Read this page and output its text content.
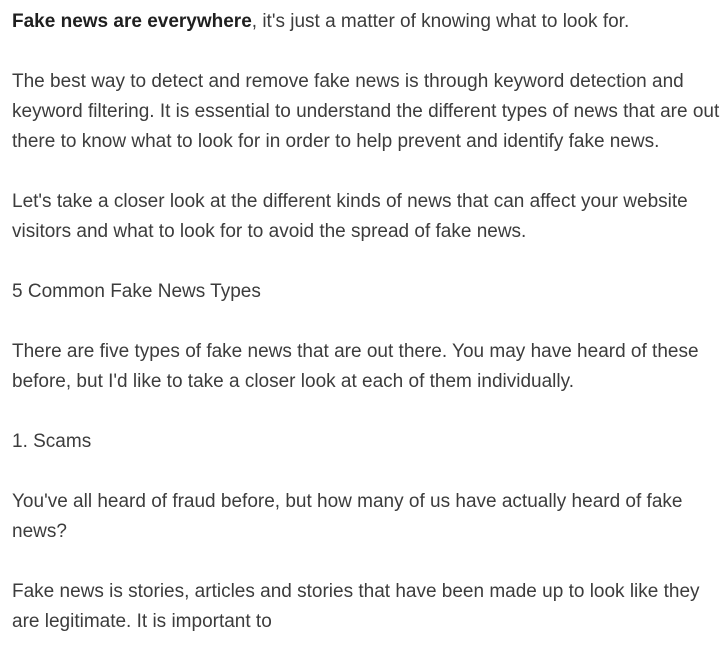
Fake news are everywhere, it's just a matter of knowing what to look for.

The best way to detect and remove fake news is through keyword detection and keyword filtering. It is essential to understand the different types of news that are out there to know what to look for in order to help prevent and identify fake news.

Let's take a closer look at the different kinds of news that can affect your website visitors and what to look for to avoid the spread of fake news.

5 Common Fake News Types

There are five types of fake news that are out there. You may have heard of these before, but I'd like to take a closer look at each of them individually.

1. Scams

You've all heard of fraud before, but how many of us have actually heard of fake news?

Fake news is stories, articles and stories that have been made up to look like they are legitimate. It is important to
